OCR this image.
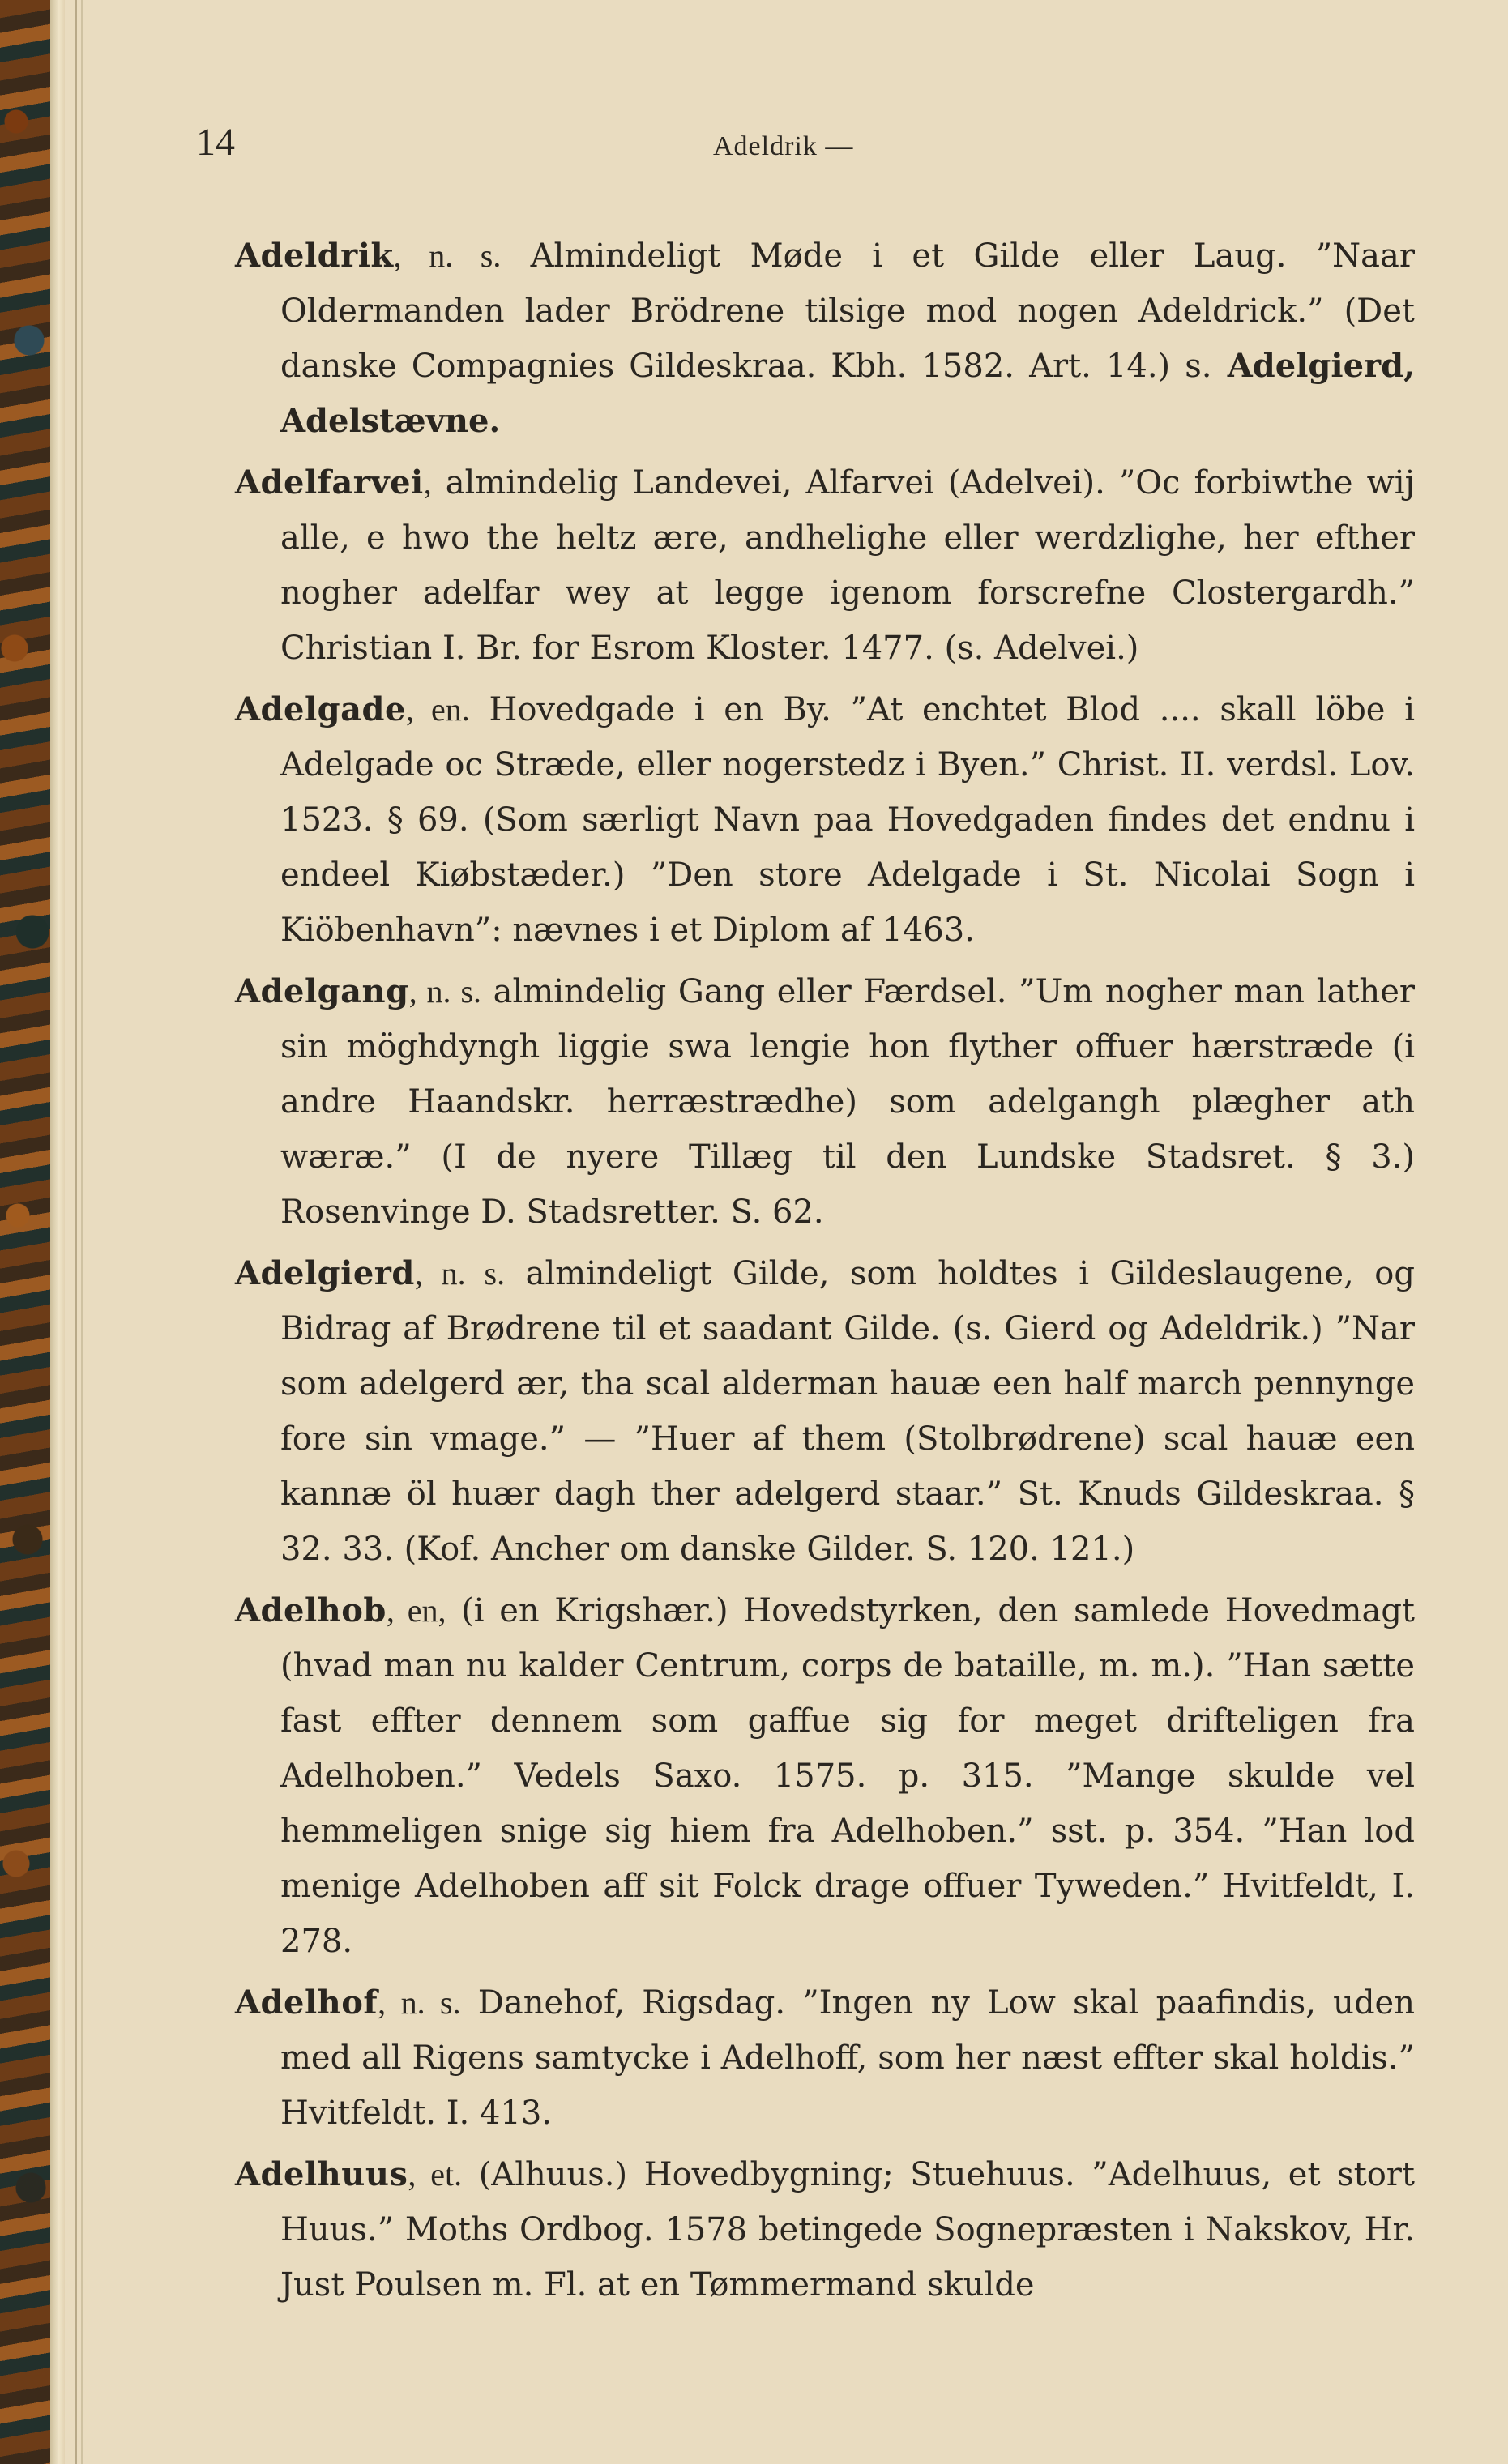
14	Adeldrik —

Adeldrik, n. s. Almindeligt Møde i et Gilde eller Laug. ”Naar Oldermanden lader Brödrene tilsige mod nogen Adeldrick.” (Det danske Compagnies Gildeskraa. Kbh. 1582. Art. 14.) s. Adelgierd, Adelstævne.

Adelfarvei, almindelig Landevei, Alfarvei (Adelvei). ”Oc forbiwthe wij alle, e hwo the heltz ære, andhelighe eller werdzlighe, her efther nogher adelfar wey at legge igenom forscrefne Clostergardh.” Christian I. Br. for Esrom Kloster. 1477. (s. Adelvei.)

Adelgade, en. Hovedgade i en By. ”At enchtet Blod .... skall löbe i Adelgade oc Stræde, eller nogerstedz i Byen.” Christ. II. verdsl. Lov. 1523. § 69. (Som særligt Navn paa Hovedgaden findes det endnu i endeel Kiøbstæder.) ”Den store Adelgade i St. Nicolai Sogn i Kiöbenhavn”: nævnes i et Diplom af 1463.

Adelgang, n. s. almindelig Gang eller Færdsel. ”Um nogher man lather sin möghdyngh liggie swa lengie hon flyther offuer hærstræde (i andre Haandskr. herræstrædhe) som adelgangh plægher ath wæræ.” (I de nyere Tillæg til den Lundske Stadsret. § 3.) Rosenvinge D. Stadsretter. S. 62.

Adelgierd, n. s. almindeligt Gilde, som holdtes i Gildeslaugene, og Bidrag af Brødrene til et saadant Gilde. (s. Gierd og Adeldrik.) ”Nar som adelgerd ær, tha scal alderman hauæ een half march pennynge fore sin vmage.” — ”Huer af them (Stolbrødrene) scal hauæ een kannæ öl huær dagh ther adelgerd staar.” St. Knuds Gildeskraa. § 32. 33. (Kof. Ancher om danske Gilder. S. 120. 121.)

Adelhob, en, (i en Krigshær.) Hovedstyrken, den samlede Hovedmagt (hvad man nu kalder Centrum, corps de bataille, m. m.). ”Han sætte fast effter dennem som gaffue sig for meget drifteligen fra Adelhoben.” Vedels Saxo. 1575. p. 315. ”Mange skulde vel hemmeligen snige sig hiem fra Adelhoben.” sst. p. 354. ”Han lod menige Adelhoben aff sit Folck drage offuer Tyweden.” Hvitfeldt, I. 278.

Adelhof, n. s. Danehof, Rigsdag. ”Ingen ny Low skal paafindis, uden med all Rigens samtycke i Adelhoff, som her næst effter skal holdis.” Hvitfeldt. I. 413.

Adelhuus, et. (Alhuus.) Hovedbygning; Stuehuus. ”Adelhuus, et stort Huus.” Moths Ordbog. 1578 betingede Sognepræsten i Nakskov, Hr. Just Poulsen m. Fl. at en Tømmermand skulde
